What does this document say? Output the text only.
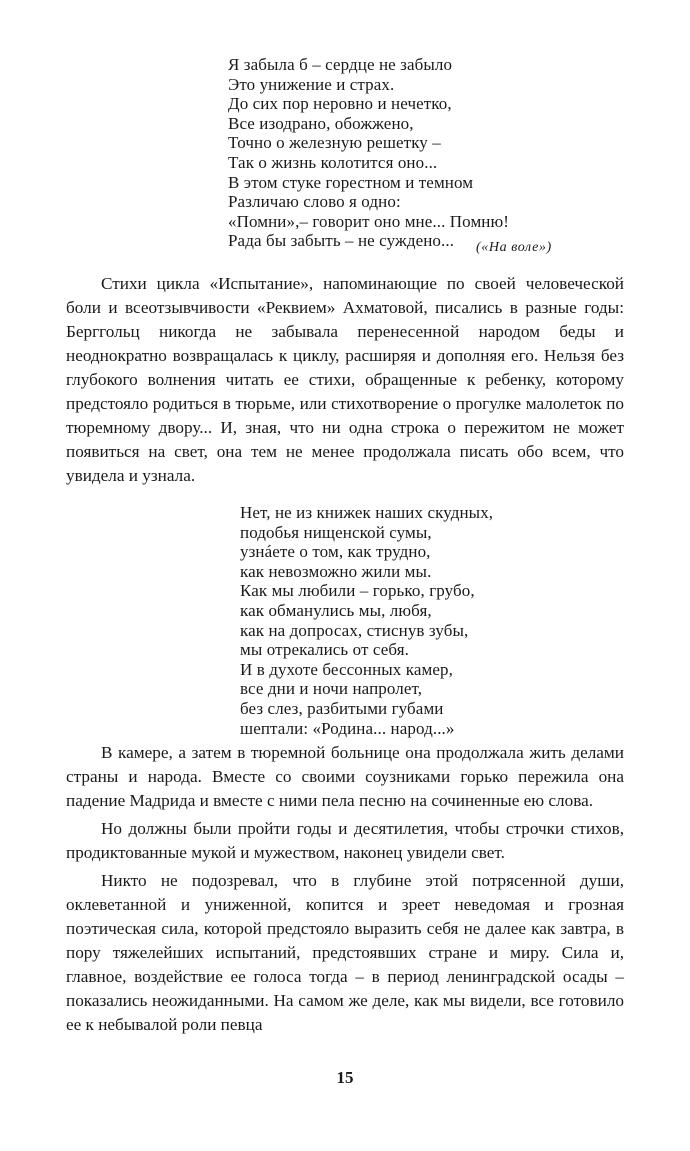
Я забыла б – сердце не забыло
Это унижение и страх.
До сих пор неровно и нечетко,
Все изодрано, обожжено,
Точно о железную решетку –
Так о жизнь колотится оно...
В этом стуке горестном и темном
Различаю слово я одно:
«Помни»,– говорит оно мне... Помню!
Рада бы забыть – не суждено...	(«На воле»)

Стихи цикла «Испытание», напоминающие по своей человеческой боли и всеотзывчивости «Реквием» Ахматовой, писались в разные годы: Берггольц никогда не забывала перенесенной народом беды и неоднократно возвращалась к циклу, расширяя и дополняя его. Нельзя без глубокого волнения читать ее стихи, обращенные к ребенку, которому предстояло родиться в тюрьме, или стихотворение о прогулке малолеток по тюремному двору... И, зная, что ни одна строка о пережитом не может появиться на свет, она тем не менее продолжала писать обо всем, что увидела и узнала.

Нет, не из книжек наших скудных,
подобья нищенской сумы,
узнáете о том, как трудно,
как невозможно жили мы.
Как мы любили – горько, грубо,
как обманулись мы, любя,
как на допросах, стиснув зубы,
мы отрекались от себя.
И в духоте бессонных камер,
все дни и ночи напролет,
без слез, разбитыми губами
шептали: «Родина... народ...»

В камере, а затем в тюремной больнице она продолжала жить делами страны и народа. Вместе со своими соузниками горько пережила она падение Мадрида и вместе с ними пела песню на сочиненные ею слова.

Но должны были пройти годы и десятилетия, чтобы строчки стихов, продиктованные мукой и мужеством, наконец увидели свет.

Никто не подозревал, что в глубине этой потрясенной души, оклеветанной и униженной, копится и зреет неведомая и грозная поэтическая сила, которой предстояло выразить себя не далее как завтра, в пору тяжелейших испытаний, предстоявших стране и миру. Сила и, главное, воздействие ее голоса тогда – в период ленинградской осады – показались неожиданными. На самом же деле, как мы видели, все готовило ее к небывалой роли певца

15
